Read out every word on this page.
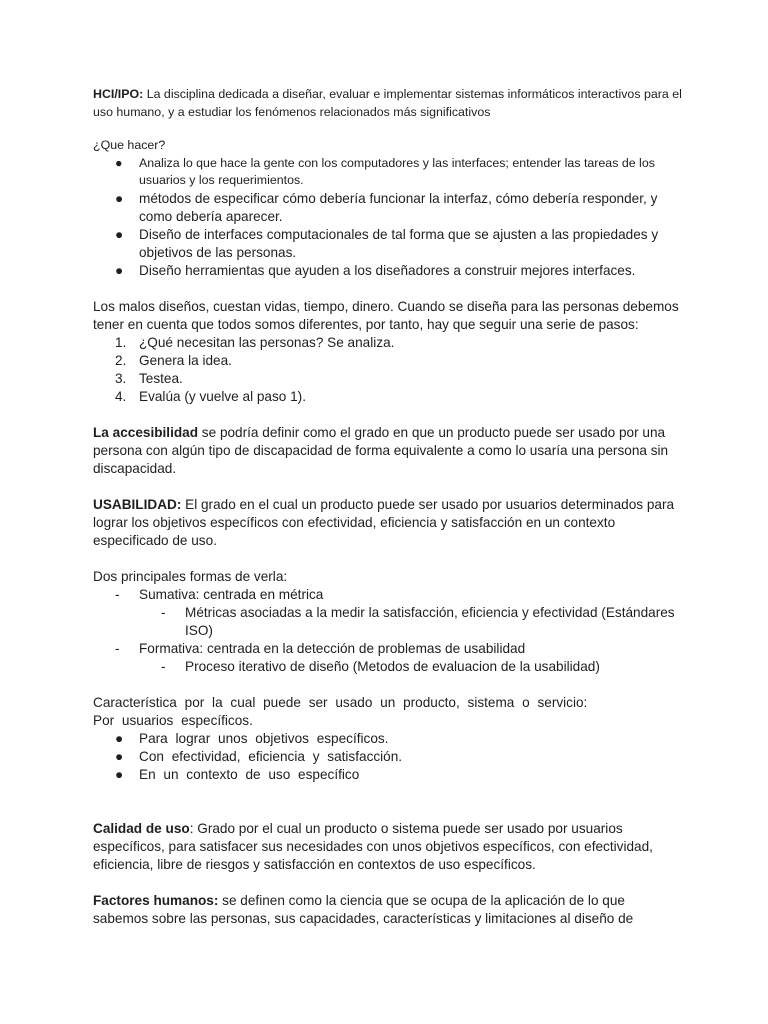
HCI/IPO: La disciplina dedicada a diseñar, evaluar e implementar sistemas informáticos interactivos para el uso humano, y a estudiar los fenómenos relacionados más significativos

¿Que hacer?

● Analiza lo que hace la gente con los computadores y las interfaces; entender las tareas de los usuarios y los requerimientos.
● métodos de especificar cómo debería funcionar la interfaz, cómo debería responder, y como debería aparecer.
● Diseño de interfaces computacionales de tal forma que se ajusten a las propiedades y objetivos de las personas.
● Diseño herramientas que ayuden a los diseñadores a construir mejores interfaces.

Los malos diseños, cuestan vidas, tiempo, dinero. Cuando se diseña para las personas debemos tener en cuenta que todos somos diferentes, por tanto, hay que seguir una serie de pasos:

1. ¿Qué necesitan las personas? Se analiza.
2. Genera la idea.
3. Testea.
4. Evalúa (y vuelve al paso 1).

La accesibilidad se podría definir como el grado en que un producto puede ser usado por una persona con algún tipo de discapacidad de forma equivalente a como lo usaría una persona sin discapacidad.

USABILIDAD: El grado en el cual un producto puede ser usado por usuarios determinados para lograr los objetivos específicos con efectividad, eficiencia y satisfacción en un contexto especificado de uso.

Dos principales formas de verla:

- Sumativa: centrada en métrica
- Métricas asociadas a la medir la satisfacción, eficiencia y efectividad (Estándares ISO)
- Formativa: centrada en la detección de problemas de usabilidad
- Proceso iterativo de diseño (Metodos de evaluacion de la usabilidad)

Característica por la cual puede ser usado un producto, sistema o servicio:

Por usuarios específicos.

● Para lograr unos objetivos específicos.
● Con efectividad, eficiencia y satisfacción.
● En un contexto de uso específico

Calidad de uso: Grado por el cual un producto o sistema puede ser usado por usuarios específicos, para satisfacer sus necesidades con unos objetivos específicos, con efectividad, eficiencia, libre de riesgos y satisfacción en contextos de uso específicos.

Factores humanos: se definen como la ciencia que se ocupa de la aplicación de lo que sabemos sobre las personas, sus capacidades, características y limitaciones al diseño de
